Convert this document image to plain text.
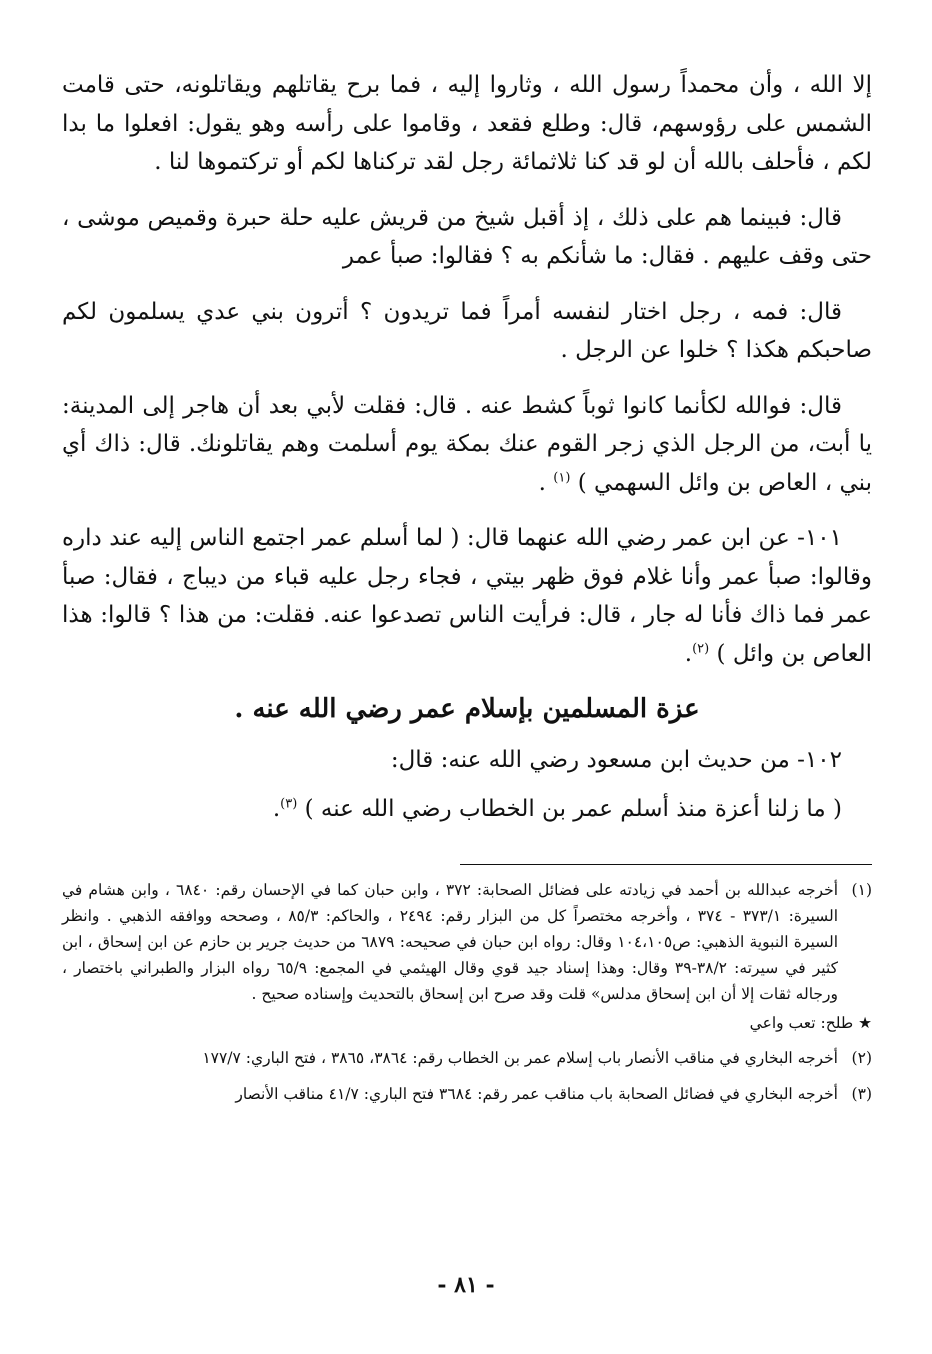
إلا الله ، وأن محمداً رسول الله ، وثاروا إليه ، فما برح يقاتلهم ويقاتلونه، حتى قامت الشمس على رؤوسهم، قال: وطلع فقعد ، وقاموا على رأسه وهو يقول: افعلوا ما بدا لكم ، فأحلف بالله أن لو قد كنا ثلاثمائة رجل لقد تركناها لكم أو تركتموها لنا .

قال: فبينما هم على ذلك ، إذ أقبل شيخ من قريش عليه حلة حبرة وقميص موشى ، حتى وقف عليهم . فقال: ما شأنكم به ؟ فقالوا: صبأ عمر

قال: فمه ، رجل اختار لنفسه أمراً فما تريدون ؟ أترون بني عدي يسلمون لكم صاحبكم هكذا ؟ خلوا عن الرجل .

قال: فوالله لكأنما كانوا ثوباً كشط عنه . قال: فقلت لأبي بعد أن هاجر إلى المدينة: يا أبت، من الرجل الذي زجر القوم عنك بمكة يوم أسلمت وهم يقاتلونك. قال: ذاك أي بني ، العاص بن وائل السهمي ) $^{(١)}$ .

١٠١- عن ابن عمر رضي الله عنهما قال: ( لما أسلم عمر اجتمع الناس إليه عند داره وقالوا: صبأ عمر وأنا غلام فوق ظهر بيتي ، فجاء رجل عليه قباء من ديباج ، فقال: صبأ عمر فما ذاك فأنا له جار ، قال: فرأيت الناس تصدعوا عنه. فقلت: من هذا ؟ قالوا: هذا العاص بن وائل ) $^{(٢)}$.

عزة المسلمين بإسلام عمر رضي الله عنه .

١٠٢- من حديث ابن مسعود رضي الله عنه: قال:

( ما زلنا أعزة منذ أسلم عمر بن الخطاب رضي الله عنه ) $^{(٣)}$.

(١)
أخرجه عبدالله بن أحمد في زيادته على فضائل الصحابة: ٣٧٢ ، وابن حبان كما في الإحسان رقم: ٦٨٤٠ ، وابن هشام في السيرة: ٣٧٣/١ - ٣٧٤ ، وأخرجه مختصراً كل من البزار رقم: ٢٤٩٤ ، والحاكم: ٨٥/٣ ، وصححه ووافقه الذهبي . وانظر السيرة النبوية الذهبي: ص١٠٤،١٠٥ وقال: رواه ابن حبان في صحيحه: ٦٨٧٩ من حديث جرير بن حازم عن ابن إسحاق ، ابن كثير في سيرته: ٣٨/٢-٣٩ وقال: وهذا إسناد جيد قوي وقال الهيثمي في المجمع: ٦٥/٩ رواه البزار والطبراني باختصار ، ورجاله ثقات إلا أن ابن إسحاق مدلس» قلت وقد صرح ابن إسحاق بالتحديث وإسناده صحيح .
★ طلح: تعب واعي
(٢)
أخرجه البخاري في مناقب الأنصار باب إسلام عمر بن الخطاب رقم: ٣٨٦٤، ٣٨٦٥ ، فتح الباري: ١٧٧/٧
(٣)
أخرجه البخاري في فضائل الصحابة باب مناقب عمر رقم: ٣٦٨٤ فتح الباري: ٤١/٧ مناقب الأنصار
- ٨١ -
